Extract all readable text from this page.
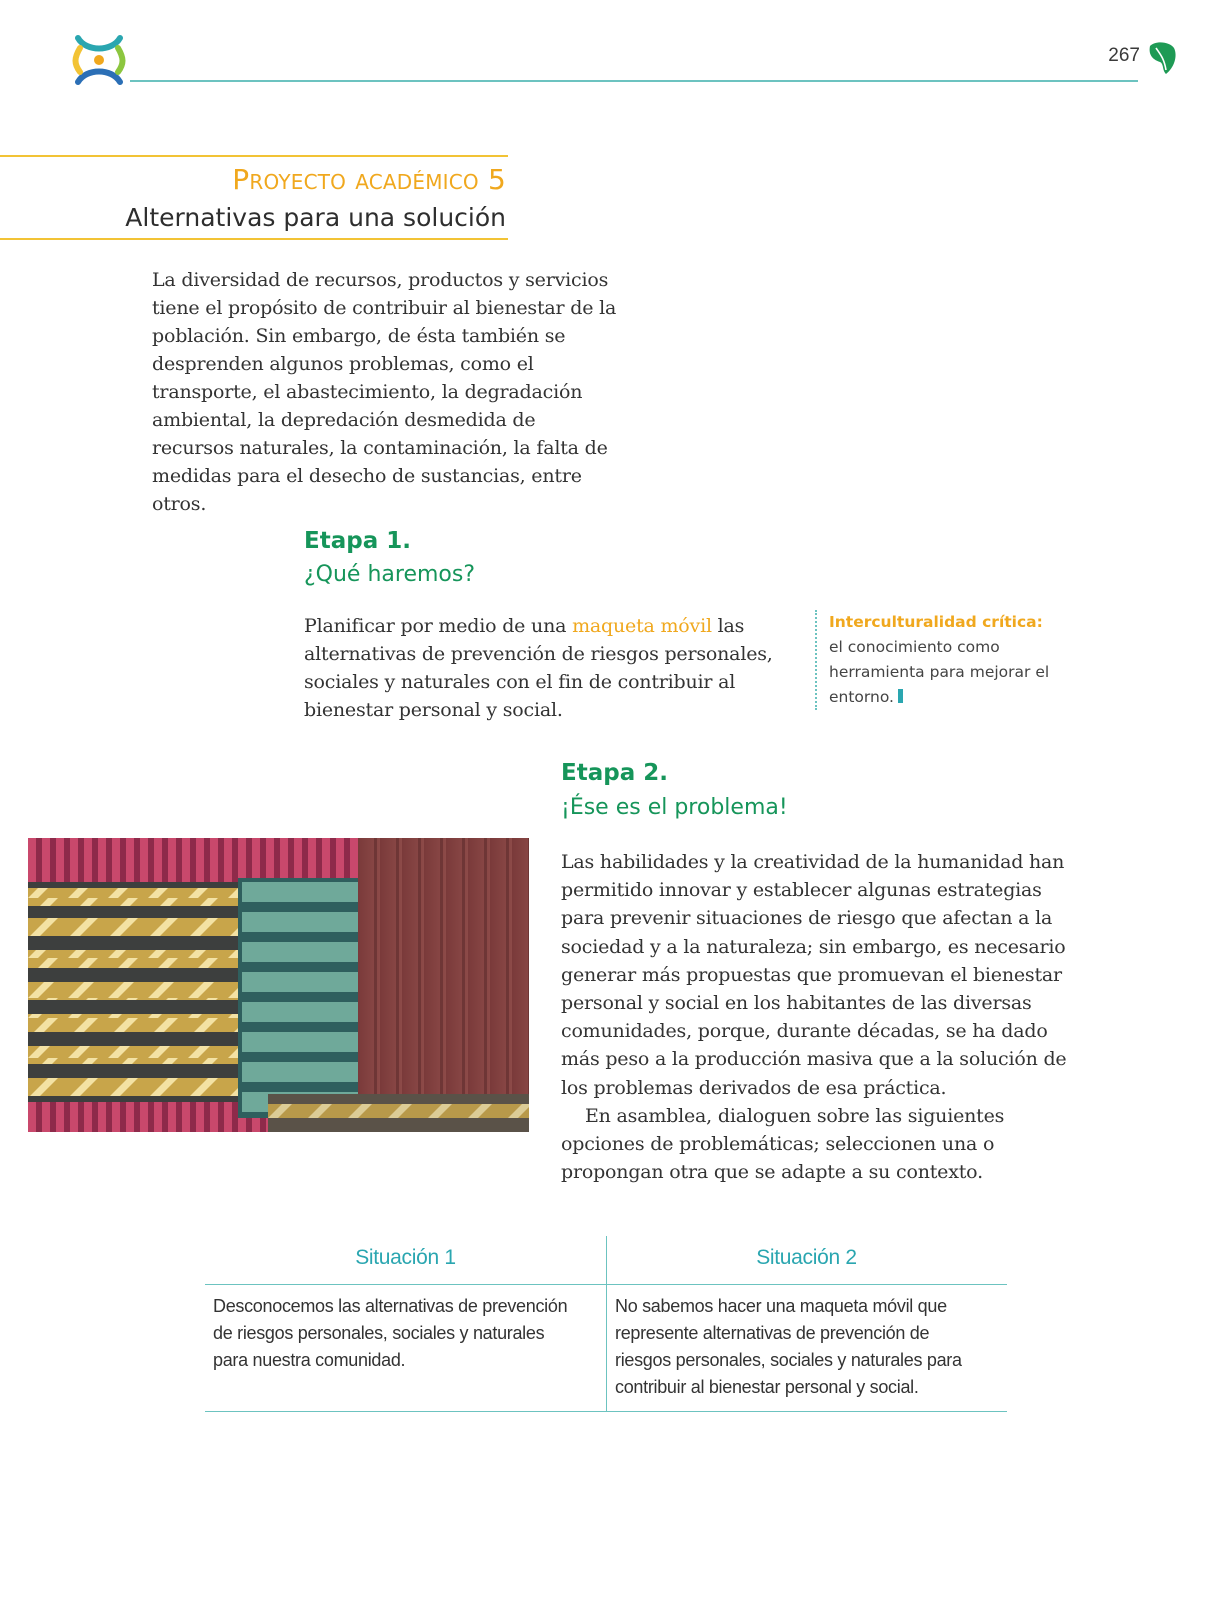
267
Proyecto académico 5
Alternativas para una solución
La diversidad de recursos, productos y servicios tiene el propósito de contribuir al bienestar de la población. Sin embargo, de ésta también se desprenden algunos problemas, como el transporte, el abastecimiento, la degradación ambiental, la depredación desmedida de recursos naturales, la contaminación, la falta de medidas para el desecho de sustancias, entre otros.
Etapa 1.
¿Qué haremos?
Planificar por medio de una maqueta móvil las alternativas de prevención de riesgos personales, sociales y naturales con el fin de contribuir al bienestar personal y social.
Interculturalidad crítica:
el conocimiento como herramienta para mejorar el entorno.
Etapa 2.
¡Ése es el problema!

Las habilidades y la creatividad de la humanidad han permitido innovar y establecer algunas estrategias para prevenir situaciones de riesgo que afectan a la sociedad y a la naturaleza; sin embargo, es necesario generar más propuestas que promuevan el bienestar personal y social en los habitantes de las diversas comunidades, porque, durante décadas, se ha dado más peso a la producción masiva que a la solución de los problemas derivados de esa práctica.

En asamblea, dialoguen sobre las siguientes opciones de problemáticas; seleccionen una o propongan otra que se adapte a su contexto.

Situación 1	Situación 2
Desconocemos las alternativas de prevención de riesgos personales, sociales y naturales para nuestra comunidad.
No sabemos hacer una maqueta móvil que represente alternativas de prevención de riesgos personales, sociales y naturales para contribuir al bienestar personal y social.
